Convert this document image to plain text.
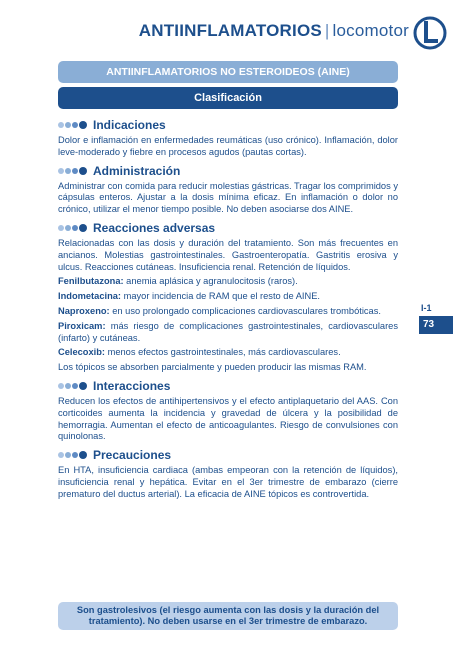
ANTIINFLAMATORIOS | locomotor
ANTIINFLAMATORIOS NO ESTEROIDEOS (AINE)
Clasificación
Indicaciones

Dolor e inflamación en enfermedades reumáticas (uso crónico). Inflamación, dolor leve-moderado y fiebre en procesos agudos (pautas cortas).

Administración

Administrar con comida para reducir molestias gástricas. Tragar los comprimidos y cápsulas enteros. Ajustar a la dosis mínima eficaz. En inflamación o dolor no crónico, utilizar el menor tiempo posible. No deben asociarse dos AINE.

Reacciones adversas

Relacionadas con las dosis y duración del tratamiento. Son más frecuentes en ancianos. Molestias gastrointestinales. Gastroenteropatía. Gastritis erosiva y ulcus. Reacciones cutáneas. Insuficiencia renal. Retención de líquidos.

Fenilbutazona: anemia aplásica y agranulocitosis (raros).

Indometacina: mayor incidencia de RAM que el resto de AINE.

Naproxeno: en uso prolongado complicaciones cardiovasculares trombóticas.

Piroxicam: más riesgo de complicaciones gastrointestinales, cardiovasculares (infarto) y cutáneas.

Celecoxib: menos efectos gastrointestinales, más cardiovasculares.

Los tópicos se absorben parcialmente y pueden producir las mismas RAM.

Interacciones

Reducen los efectos de antihipertensivos y el efecto antiplaquetario del AAS. Con corticoides aumenta la incidencia y gravedad de úlcera y la posibilidad de hemorragia. Aumentan el efecto de anticoagulantes. Riesgo de convulsiones con quinolonas.

Precauciones

En HTA, insuficiencia cardiaca (ambas empeoran con la retención de líquidos), insuficiencia renal y hepática. Evitar en el 3er trimestre de embarazo (cierre prematuro del ductus arterial). La eficacia de AINE tópicos es controvertida.

I-1
73
Son gastrolesivos (el riesgo aumenta con las dosis y la duración del tratamiento). No deben usarse en el 3er trimestre de embarazo.
